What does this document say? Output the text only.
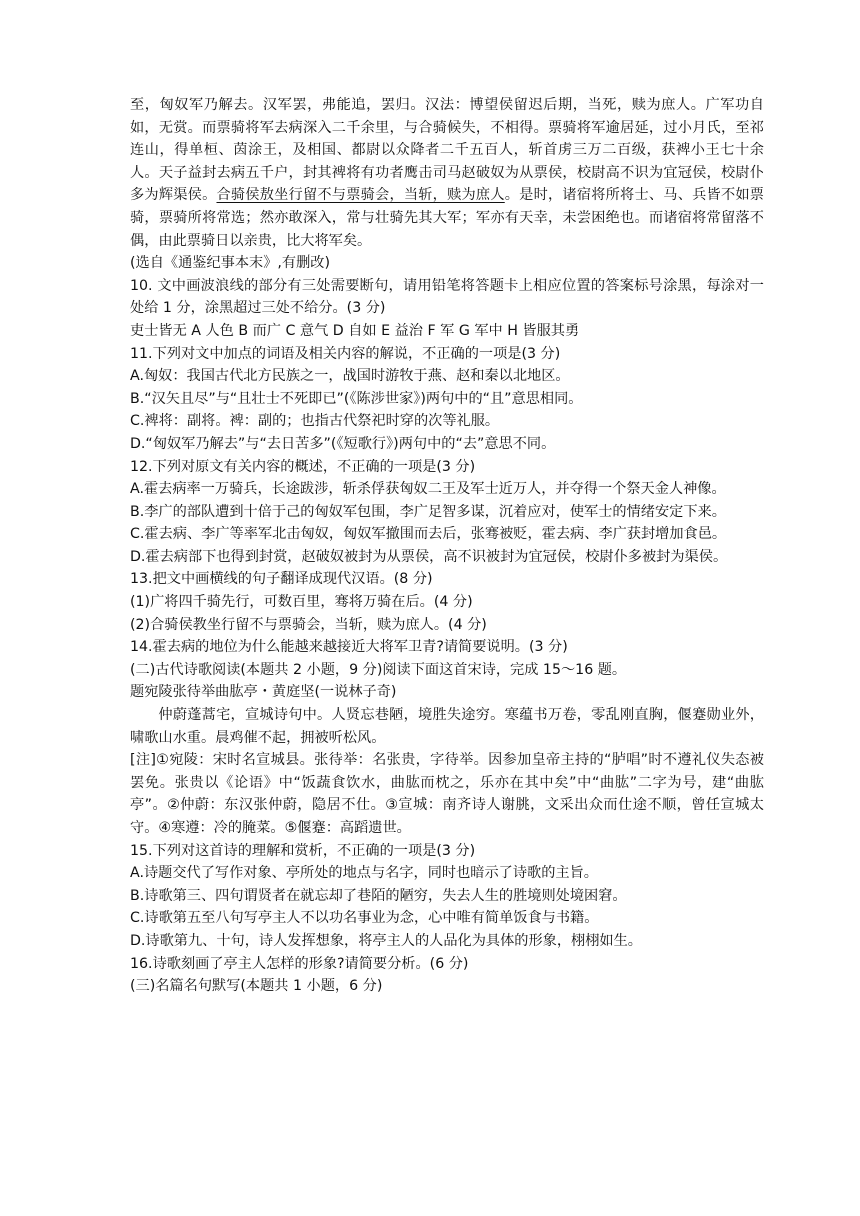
至，匈奴军乃解去。汉军罢，弗能追，罢归。汉法：博望侯留迟后期，当死，赎为庶人。广军功自如，无赏。而票骑将军去病深入二千余里，与合骑候失，不相得。票骑将军逾居延，过小月氏，至祁连山，得单桓、茵涂王，及相国、都尉以众降者二千五百人，斩首虏三万二百级，获裨小王七十余人。天子益封去病五千户，封其裨将有功者鹰击司马赵破奴为从票侯，校尉高不识为宜冠侯，校尉仆多为辉渠侯。合骑侯敖坐行留不与票骑会，当斩，赎为庶人。是时，诸宿将所将士、马、兵皆不如票骑，票骑所将常选；然亦敢深入，常与壮骑先其大军；军亦有天幸，未尝困绝也。而诸宿将常留落不偶，由此票骑日以亲贵，比大将军矣。

(选自《通鉴纪事本末》,有删改)

10. 文中画波浪线的部分有三处需要断句，请用铅笔将答题卡上相应位置的答案标号涂黑，每涂对一处给 1 分，涂黑超过三处不给分。(3 分)

吏士皆无 A 人色 B 而广 C 意气 D 自如 E 益治 F 军 G 军中 H 皆服其勇

11.下列对文中加点的词语及相关内容的解说，不正确的一项是(3 分)

A.匈奴：我国古代北方民族之一，战国时游牧于燕、赵和秦以北地区。

B.“汉矢且尽”与“且壮士不死即已”(《陈涉世家》)两句中的“且”意思相同。

C.裨将：副将。裨：副的；也指古代祭祀时穿的次等礼服。

D.“匈奴军乃解去”与“去日苦多”(《短歌行》)两句中的“去”意思不同。

12.下列对原文有关内容的概述，不正确的一项是(3 分)

A.霍去病率一万骑兵，长途跋涉，斩杀俘获匈奴二王及军士近万人，并夺得一个祭天金人神像。

B.李广的部队遭到十倍于己的匈奴军包围，李广足智多谋，沉着应对，使军士的情绪安定下来。

C.霍去病、李广等率军北击匈奴，匈奴军撤围而去后，张骞被贬，霍去病、李广获封增加食邑。

D.霍去病部下也得到封赏，赵破奴被封为从票侯，高不识被封为宜冠侯，校尉仆多被封为渠侯。

13.把文中画横线的句子翻译成现代汉语。(8 分)

(1)广将四千骑先行，可数百里，骞将万骑在后。(4 分)

(2)合骑侯教坐行留不与票骑会，当斩，赎为庶人。(4 分)

14.霍去病的地位为什么能越来越接近大将军卫青?请简要说明。(3 分)

(二)古代诗歌阅读(本题共 2 小题，9 分)阅读下面这首宋诗，完成 15～16 题。

题宛陵张待举曲肱亭・黄庭坚(一说林子奇)

仲蔚蓬蒿宅，宣城诗句中。人贤忘巷陋，境胜失途穷。寒蕴书万卷，零乱刚直胸，偃蹇勋业外，啸歌山水重。晨鸡催不起，拥被听松风。

[注]①宛陵：宋时名宣城县。张待举：名张贵，字待举。因参加皇帝主持的“胪唱”时不遵礼仪失态被罢免。张贵以《论语》中“饭蔬食饮水，曲肱而枕之，乐亦在其中矣”中“曲肱”二字为号，建“曲肱亭”。②仲蔚：东汉张仲蔚，隐居不仕。③宣城：南齐诗人谢朓，文采出众而仕途不顺，曾任宣城太守。④寒遵：冷的腌菜。⑤偃蹇：高蹈遗世。

15.下列对这首诗的理解和赏析，不正确的一项是(3 分)

A.诗题交代了写作对象、亭所处的地点与名字，同时也暗示了诗歌的主旨。

B.诗歌第三、四句谓贤者在就忘却了巷陌的陋穷，失去人生的胜境则处境困窘。

C.诗歌第五至八句写亭主人不以功名事业为念，心中唯有简单饭食与书籍。

D.诗歌第九、十句，诗人发挥想象，将亭主人的人品化为具体的形象，栩栩如生。

16.诗歌刻画了亭主人怎样的形象?请简要分析。(6 分)

(三)名篇名句默写(本题共 1 小题，6 分)
